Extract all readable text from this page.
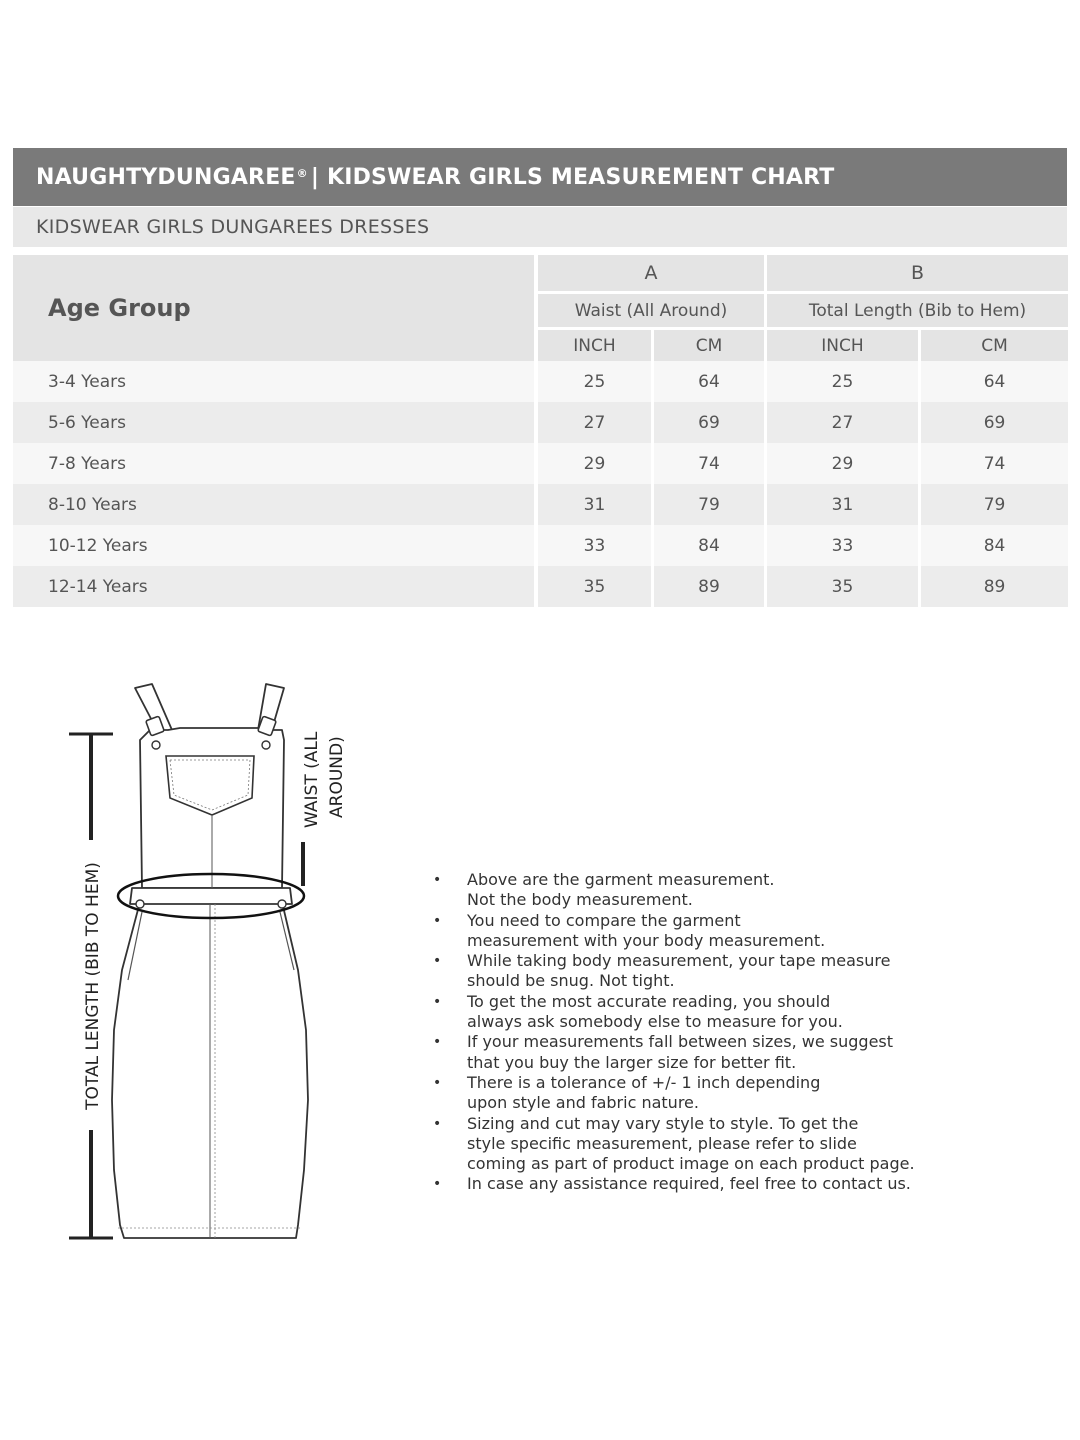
NAUGHTYDUNGAREE® | KIDSWEAR GIRLS MEASUREMENT CHART
KIDSWEAR GIRLS DUNGAREES DRESSES
Age Group	A		B	
	Waist (All Around)		Total Length (Bib to Hem)	
	INCH	CM	INCH	CM
3-4 Years	25	64	25	64
5-6 Years	27	69	27	69
7-8 Years	29	74	29	74
8-10 Years	31	79	31	79
10-12 Years	33	84	33	84
12-14 Years	35	89	35	89
TOTAL LENGTH (BIB TO HEM)
WAIST (ALL AROUND)
• Above are the garment measurement.
Not the body measurement.
• You need to compare the garment
measurement with your body measurement.
• While taking body measurement, your tape measure
should be snug. Not tight.
• To get the most accurate reading, you should
always ask somebody else to measure for you.
• If your measurements fall between sizes, we suggest
that you buy the larger size for better fit.
• There is a tolerance of +/- 1 inch depending
upon style and fabric nature.
• Sizing and cut may vary style to style. To get the
style specific measurement, please refer to slide
coming as part of product image on each product page.
• In case any assistance required, feel free to contact us.
